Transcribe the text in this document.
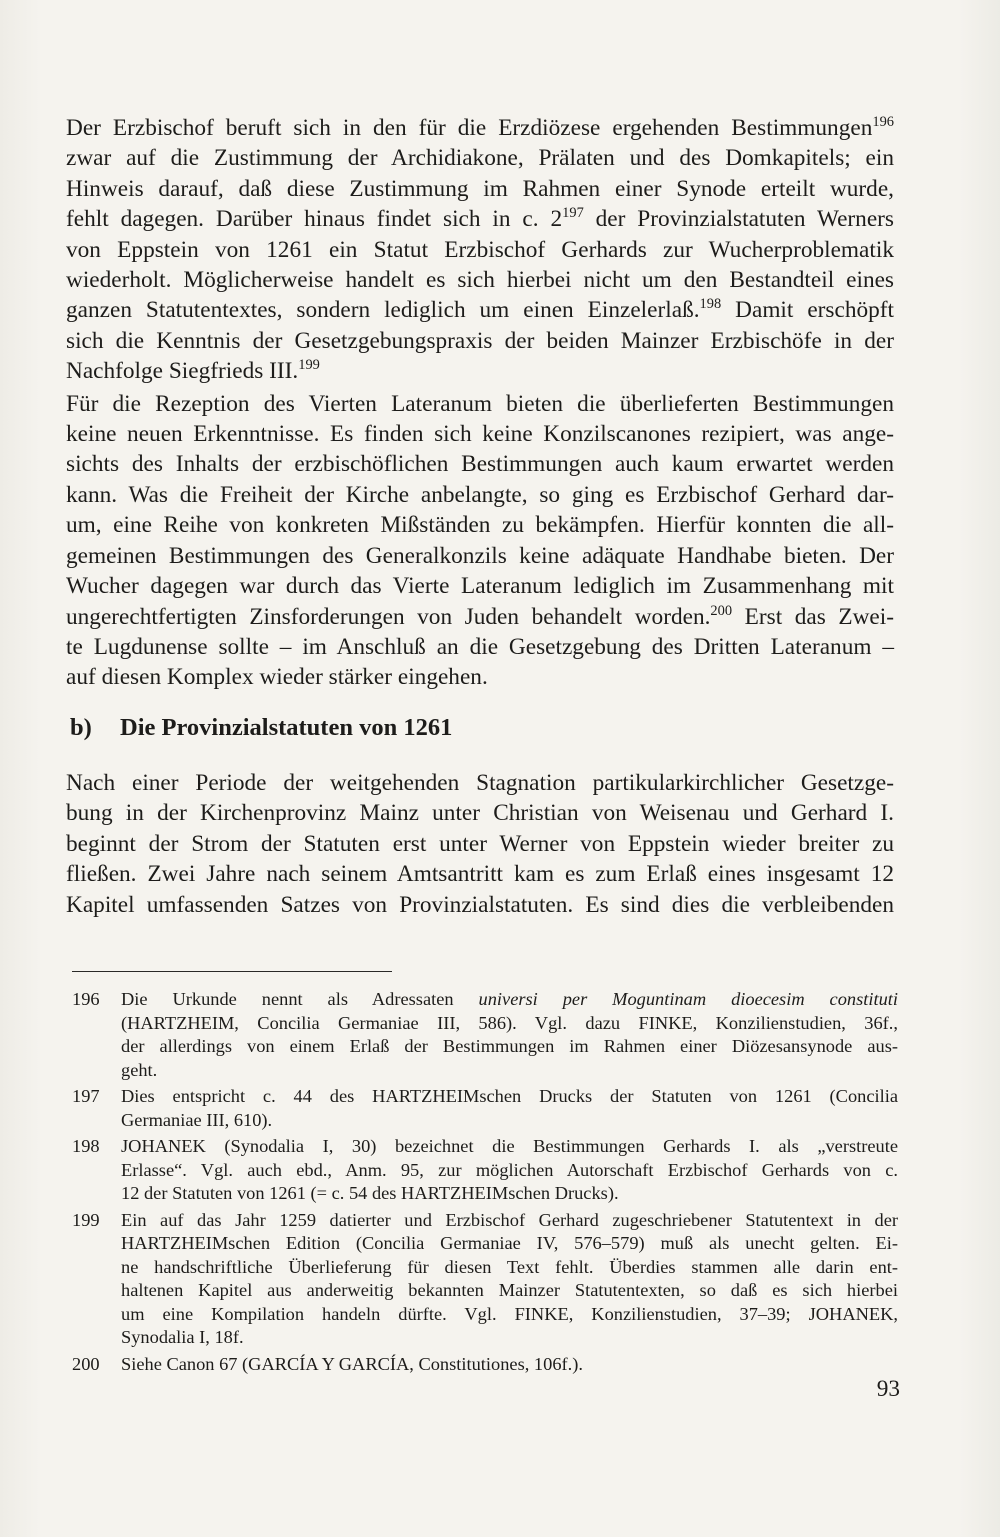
Der Erzbischof beruft sich in den für die Erzdiözese ergehenden Bestimmungen$^{196}$
zwar auf die Zustimmung der Archidiakone, Prälaten und des Domkapitels; ein
Hinweis darauf, daß diese Zustimmung im Rahmen einer Synode erteilt wurde,
fehlt dagegen. Darüber hinaus findet sich in c. $2^{197}$ der Provinzialstatuten Werners
von Eppstein von 1261 ein Statut Erzbischof Gerhards zur Wucherproblematik
wiederholt. Möglicherweise handelt es sich hierbei nicht um den Bestandteil eines
ganzen Statutentextes, sondern lediglich um einen Einzelerlaß.$^{198}$ Damit erschöpft
sich die Kenntnis der Gesetzgebungspraxis der beiden Mainzer Erzbischöfe in der
Nachfolge Siegfrieds III.$^{199}$

Für die Rezeption des Vierten Lateranum bieten die überlieferten Bestimmungen
keine neuen Erkenntnisse. Es finden sich keine Konzilscanones rezipiert, was ange-
sichts des Inhalts der erzbischöflichen Bestimmungen auch kaum erwartet werden
kann. Was die Freiheit der Kirche anbelangte, so ging es Erzbischof Gerhard dar-
um, eine Reihe von konkreten Mißständen zu bekämpfen. Hierfür konnten die all-
gemeinen Bestimmungen des Generalkonzils keine adäquate Handhabe bieten. Der
Wucher dagegen war durch das Vierte Lateranum lediglich im Zusammenhang mit
ungerechtfertigten Zinsforderungen von Juden behandelt worden.$^{200}$ Erst das Zwei-
te Lugdunense sollte – im Anschluß an die Gesetzgebung des Dritten Lateranum –
auf diesen Komplex wieder stärker eingehen.

b) Die Provinzialstatuten von 1261

Nach einer Periode der weitgehenden Stagnation partikularkirchlicher Gesetzge-
bung in der Kirchenprovinz Mainz unter Christian von Weisenau und Gerhard I.
beginnt der Strom der Statuten erst unter Werner von Eppstein wieder breiter zu
fließen. Zwei Jahre nach seinem Amtsantritt kam es zum Erlaß eines insgesamt 12
Kapitel umfassenden Satzes von Provinzialstatuten. Es sind dies die verbleibenden

196	Die Urkunde nennt als Adressaten universi per Moguntinam dioecesim constituti
(HARTZHEIM, Concilia Germaniae III, 586). Vgl. dazu FINKE, Konzilienstudien, 36f.,
der allerdings von einem Erlaß der Bestimmungen im Rahmen einer Diözesansynode aus-
geht.
197	Dies entspricht c. 44 des HARTZHEIMschen Drucks der Statuten von 1261 (Concilia
Germaniae III, 610).
198	JOHANEK (Synodalia I, 30) bezeichnet die Bestimmungen Gerhards I. als „verstreute
Erlasse“. Vgl. auch ebd., Anm. 95, zur möglichen Autorschaft Erzbischof Gerhards von c.
12 der Statuten von 1261 (= c. 54 des HARTZHEIMschen Drucks).
199	Ein auf das Jahr 1259 datierter und Erzbischof Gerhard zugeschriebener Statutentext in der
HARTZHEIMschen Edition (Concilia Germaniae IV, 576–579) muß als unecht gelten. Ei-
ne handschriftliche Überlieferung für diesen Text fehlt. Überdies stammen alle darin ent-
haltenen Kapitel aus anderweitig bekannten Mainzer Statutentexten, so daß es sich hierbei
um eine Kompilation handeln dürfte. Vgl. FINKE, Konzilienstudien, 37–39; JOHANEK,
Synodalia I, 18f.
200	Siehe Canon 67 (GARCÍA Y GARCÍA, Constitutiones, 106f.).
93
